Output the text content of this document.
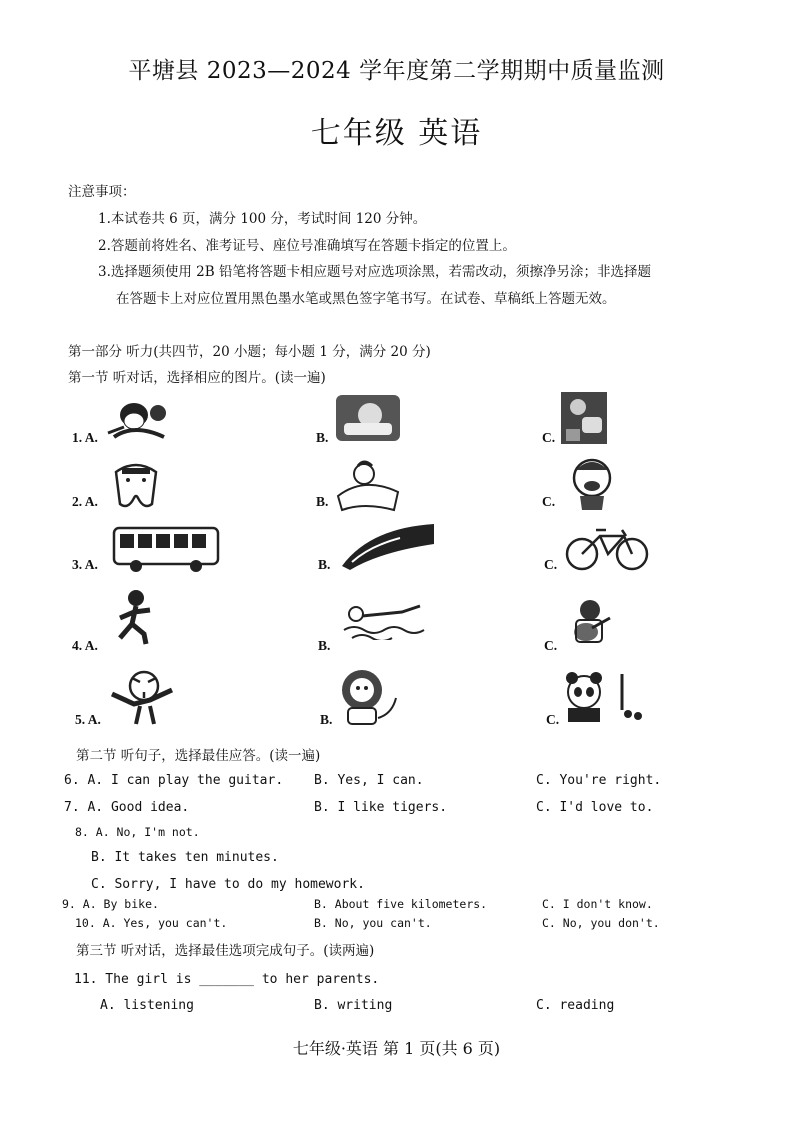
平塘县 2023—2024 学年度第二学期期中质量监测
七年级 英语
注意事项：
1.本试卷共 6 页，满分 100 分，考试时间 120 分钟。
2.答题前将姓名、准考证号、座位号准确填写在答题卡指定的位置上。
3.选择题须使用 2B 铅笔将答题卡相应题号对应选项涂黑，若需改动，须擦净另涂；非选择题
在答题卡上对应位置用黑色墨水笔或黑色签字笔书写。在试卷、草稿纸上答题无效。
第一部分 听力(共四节，20 小题；每小题 1 分，满分 20 分)
第一节 听对话，选择相应的图片。(读一遍)
1. A.	B.	C.
2. A.	B.	C.
3. A.	B.	C.
4. A.	B.	C.
5. A.	B.	C.
第二节 听句子，选择最佳应答。(读一遍)
6. A. I can play the guitar. B. Yes, I can.	C. You're right.
7. A. Good idea.	B. I like tigers.	C. I'd love to.
8. A. No, I'm not.
B. It takes ten minutes.
C. Sorry, I have to do my homework.
9. A. By bike.	B. About five kilometers.	C. I don't know.
10. A. Yes, you can't.	B. No, you can't.	C. No, you don't.
第三节 听对话，选择最佳选项完成句子。(读两遍)
11. The girl is _______ to her parents.
A. listening	B. writing	C. reading
七年级·英语 第 1 页(共 6 页)
